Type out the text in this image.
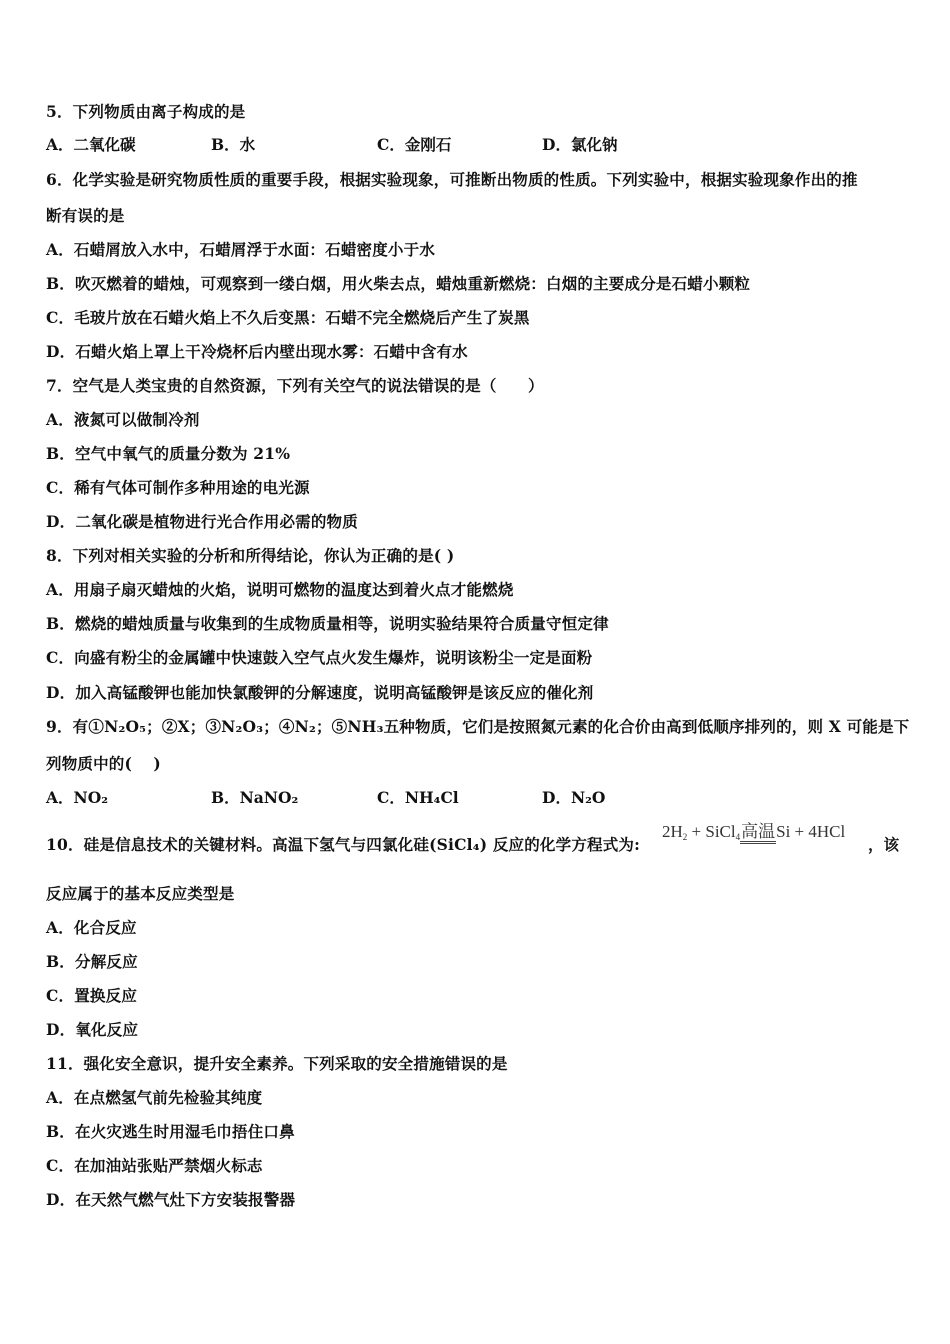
5．下列物质由离子构成的是
A．二氧化碳	B．水	C．金刚石	D．氯化钠
6．化学实验是研究物质性质的重要手段，根据实验现象，可推断出物质的性质。下列实验中，根据实验现象作出的推
断有误的是
A．石蜡屑放入水中，石蜡屑浮于水面：石蜡密度小于水
B．吹灭燃着的蜡烛，可观察到一缕白烟，用火柴去点，蜡烛重新燃烧：白烟的主要成分是石蜡小颗粒
C．毛玻片放在石蜡火焰上不久后变黑：石蜡不完全燃烧后产生了炭黑
D．石蜡火焰上罩上干冷烧杯后内壁出现水雾：石蜡中含有水
7．空气是人类宝贵的自然资源，下列有关空气的说法错误的是（　　）
A．液氮可以做制冷剂
B．空气中氧气的质量分数为 21%
C．稀有气体可制作多种用途的电光源
D．二氧化碳是植物进行光合作用必需的物质
8．下列对相关实验的分析和所得结论，你认为正确的是( )
A．用扇子扇灭蜡烛的火焰，说明可燃物的温度达到着火点才能燃烧
B．燃烧的蜡烛质量与收集到的生成物质量相等，说明实验结果符合质量守恒定律
C．向盛有粉尘的金属罐中快速鼓入空气点火发生爆炸，说明该粉尘一定是面粉
D．加入高锰酸钾也能加快氯酸钾的分解速度，说明高锰酸钾是该反应的催化剂
9．有①N₂O₅；②X；③N₂O₃；④N₂；⑤NH₃五种物质，它们是按照氮元素的化合价由高到低顺序排列的，则 X 可能是下
列物质中的(　 )
A．NO₂	B．NaNO₂	C．NH₄Cl	D．N₂O
10．硅是信息技术的关键材料。高温下氢气与四氯化硅(SiCl₄) 反应的化学方程式为:
$2H_2$ + SiCl$_4$高温Si + 4HCl
，该
反应属于的基本反应类型是
A．化合反应
B．分解反应
C．置换反应
D．氧化反应
11．强化安全意识，提升安全素养。下列采取的安全措施错误的是
A．在点燃氢气前先检验其纯度
B．在火灾逃生时用湿毛巾捂住口鼻
C．在加油站张贴严禁烟火标志
D．在天然气燃气灶下方安装报警器
